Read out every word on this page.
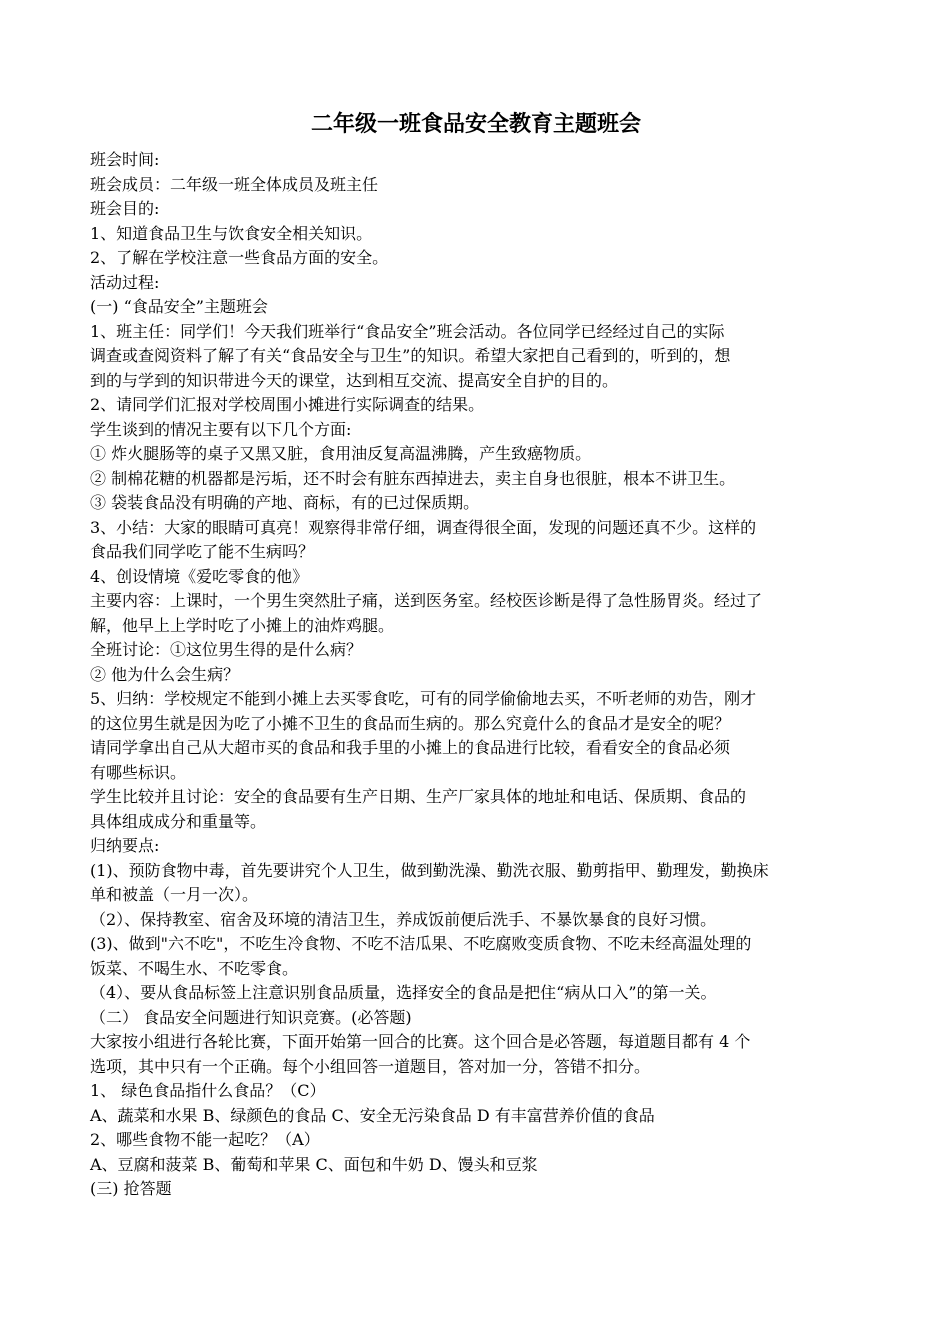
二年级一班食品安全教育主题班会
班会时间:
班会成员：二年级一班全体成员及班主任
班会目的:
1、知道食品卫生与饮食安全相关知识。
2、了解在学校注意一些食品方面的安全。
活动过程:
(一) “食品安全”主题班会
1、班主任：同学们！今天我们班举行“食品安全”班会活动。各位同学已经经过自己的实际
调查或查阅资料了解了有关“食品安全与卫生”的知识。希望大家把自己看到的，听到的，想
到的与学到的知识带进今天的课堂，达到相互交流、提高安全自护的目的。
2、请同学们汇报对学校周围小摊进行实际调查的结果。
学生谈到的情况主要有以下几个方面:
① 炸火腿肠等的桌子又黑又脏，食用油反复高温沸腾，产生致癌物质。
② 制棉花糖的机器都是污垢，还不时会有脏东西掉进去，卖主自身也很脏，根本不讲卫生。
③ 袋装食品没有明确的产地、商标，有的已过保质期。
3、小结：大家的眼睛可真亮！观察得非常仔细，调查得很全面，发现的问题还真不少。这样的
食品我们同学吃了能不生病吗？
4、创设情境《爱吃零食的他》
主要内容：上课时，一个男生突然肚子痛，送到医务室。经校医诊断是得了急性肠胃炎。经过了
解，他早上上学时吃了小摊上的油炸鸡腿。
全班讨论：①这位男生得的是什么病？
② 他为什么会生病？
5、归纳：学校规定不能到小摊上去买零食吃，可有的同学偷偷地去买，不听老师的劝告，刚才
的这位男生就是因为吃了小摊不卫生的食品而生病的。那么究竟什么的食品才是安全的呢？
请同学拿出自己从大超市买的食品和我手里的小摊上的食品进行比较，看看安全的食品必须
有哪些标识。
学生比较并且讨论：安全的食品要有生产日期、生产厂家具体的地址和电话、保质期、食品的
具体组成成分和重量等。
归纳要点:
(1)、预防食物中毒，首先要讲究个人卫生，做到勤洗澡、勤洗衣服、勤剪指甲、勤理发，勤换床
单和被盖（一月一次）。
（2）、保持教室、宿舍及环境的清洁卫生，养成饭前便后洗手、不暴饮暴食的良好习惯。
(3)、做到"六不吃"，不吃生冷食物、不吃不洁瓜果、不吃腐败变质食物、不吃未经高温处理的
饭菜、不喝生水、不吃零食。
（4）、要从食品标签上注意识别食品质量，选择安全的食品是把住“病从口入”的第一关。
（二） 食品安全问题进行知识竞赛。(必答题)
大家按小组进行各轮比赛，下面开始第一回合的比赛。这个回合是必答题，每道题目都有 4 个
选项，其中只有一个正确。每个小组回答一道题目，答对加一分，答错不扣分。
1、 绿色食品指什么食品？（C）
A、蔬菜和水果 B、绿颜色的食品 C、安全无污染食品 D 有丰富营养价值的食品
2、哪些食物不能一起吃？（A）
A、豆腐和菠菜 B、葡萄和苹果 C、面包和牛奶 D、馒头和豆浆
(三) 抢答题
